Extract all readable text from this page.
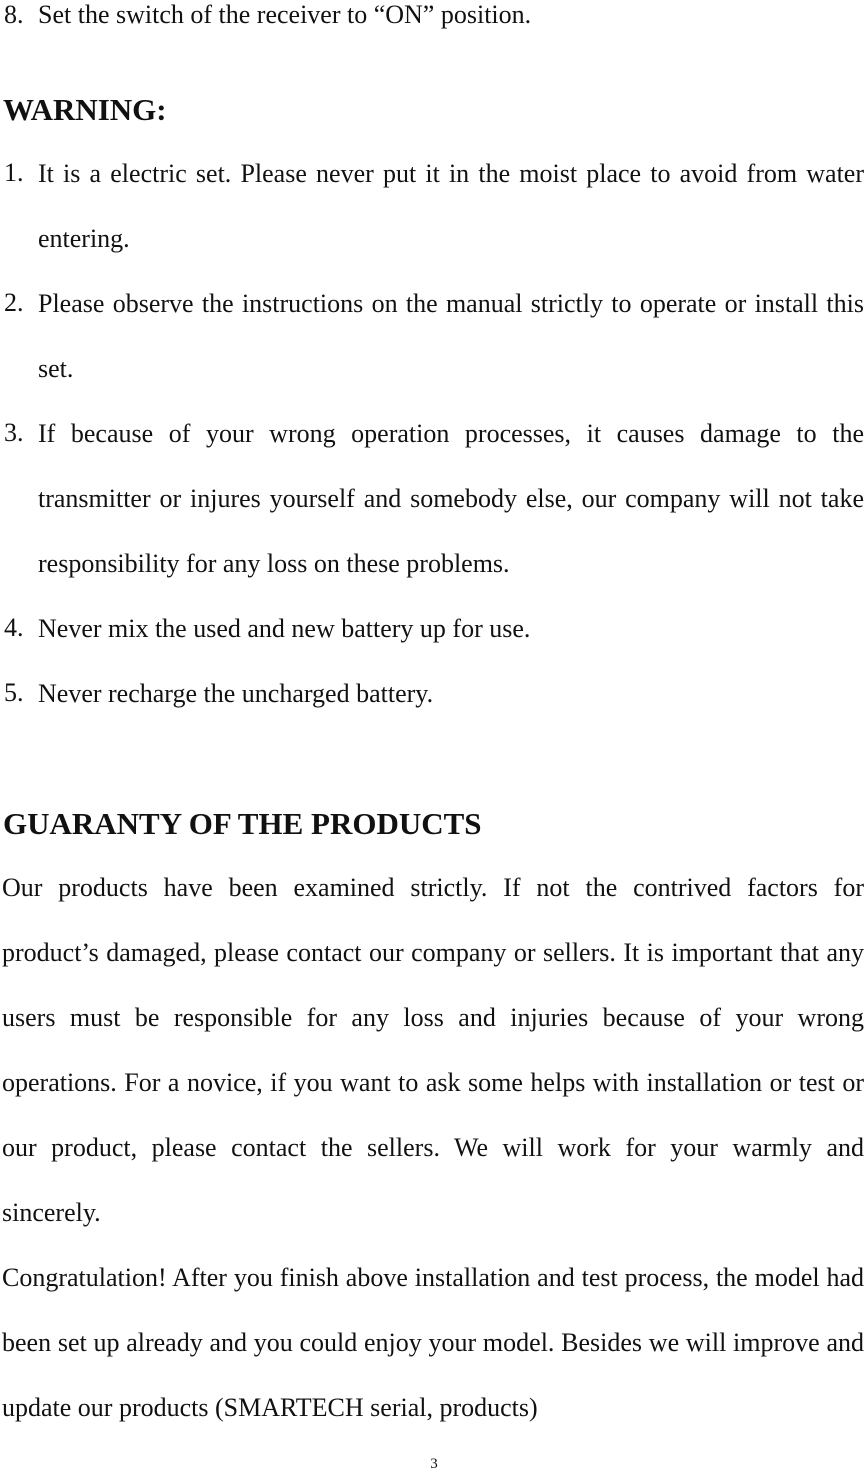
8. Set the switch of the receiver to “ON” position.
WARNING:
1. It is a electric set. Please never put it in the moist place to avoid from water entering.
2. Please observe the instructions on the manual strictly to operate or install this set.
3. If because of your wrong operation processes, it causes damage to the transmitter or injures yourself and somebody else, our company will not take responsibility for any loss on these problems.
4. Never mix the used and new battery up for use.
5. Never recharge the uncharged battery.
GUARANTY OF THE PRODUCTS
Our products have been examined strictly. If not the contrived factors for product’s damaged, please contact our company or sellers. It is important that any users must be responsible for any loss and injuries because of your wrong operations. For a novice, if you want to ask some helps with installation or test or our product, please contact the sellers. We will work for your warmly and sincerely.
Congratulation! After you finish above installation and test process, the model had been set up already and you could enjoy your model. Besides we will improve and update our products (SMARTECH serial, products)
3
